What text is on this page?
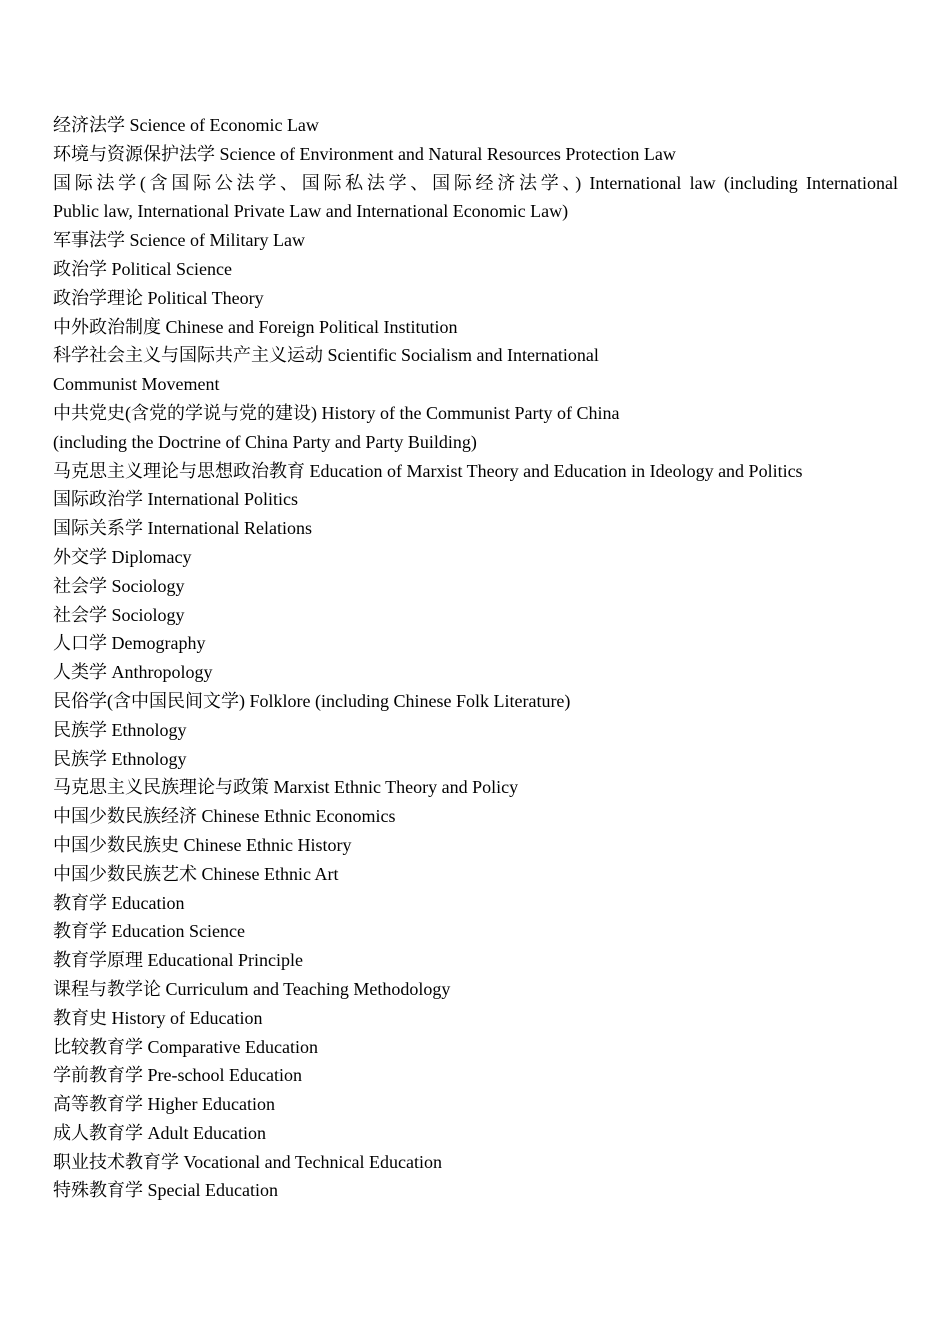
经济法学 Science of Economic Law
环境与资源保护法学 Science of Environment and Natural Resources Protection Law
国际法学(含国际公法学、国际私法学、国际经济法学、) International law (including International
Public law, International Private Law and International Economic Law)
军事法学 Science of Military Law
政治学 Political Science
政治学理论 Political Theory
中外政治制度 Chinese and Foreign Political Institution
科学社会主义与国际共产主义运动 Scientific Socialism and International
Communist Movement
中共党史(含党的学说与党的建设) History of the Communist Party of China
(including the Doctrine of China Party and Party Building)
马克思主义理论与思想政治教育 Education of Marxist Theory and Education in Ideology and Politics
国际政治学 International Politics
国际关系学 International Relations
外交学 Diplomacy
社会学 Sociology
社会学 Sociology
人口学 Demography
人类学 Anthropology
民俗学(含中国民间文学) Folklore (including Chinese Folk Literature)
民族学 Ethnology
民族学 Ethnology
马克思主义民族理论与政策 Marxist Ethnic Theory and Policy
中国少数民族经济 Chinese Ethnic Economics
中国少数民族史 Chinese Ethnic History
中国少数民族艺术 Chinese Ethnic Art
教育学 Education
教育学 Education Science
教育学原理 Educational Principle
课程与教学论 Curriculum and Teaching Methodology
教育史 History of Education
比较教育学 Comparative Education
学前教育学 Pre-school Education
高等教育学 Higher Education
成人教育学 Adult Education
职业技术教育学 Vocational and Technical Education
特殊教育学 Special Education
